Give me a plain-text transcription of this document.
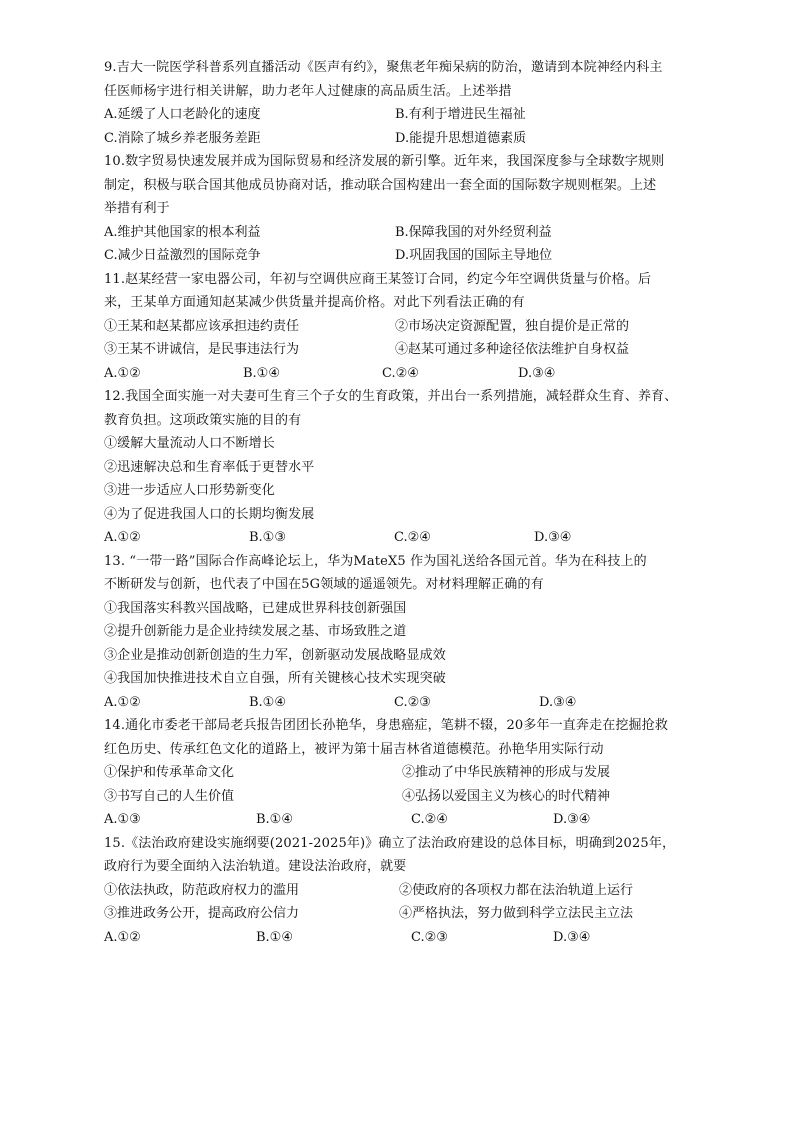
9.吉大一院医学科普系列直播活动《医声有约》，聚焦老年痴呆病的防治，邀请到本院神经内科主
任医师杨宇进行相关讲解，助力老年人过健康的高品质生活。上述举措
A.延缓了人口老龄化的速度	B.有利于增进民生福祉
C.消除了城乡养老服务差距	D.能提升思想道德素质
10.数字贸易快速发展并成为国际贸易和经济发展的新引擎。近年来，我国深度参与全球数字规则
制定，积极与联合国其他成员协商对话，推动联合国构建出一套全面的国际数字规则框架。上述
举措有利于
A.维护其他国家的根本利益	B.保障我国的对外经贸利益
C.减少日益激烈的国际竞争	D.巩固我国的国际主导地位
11.赵某经营一家电器公司，年初与空调供应商王某签订合同，约定今年空调供货量与价格。后
来，王某单方面通知赵某减少供货量并提高价格。对此下列看法正确的有
①王某和赵某都应该承担违约责任	②市场决定资源配置，独自提价是正常的
③王某不讲诚信，是民事违法行为	④赵某可通过多种途径依法维护自身权益
A.①②	B.①④	C.②④	D.③④
12.我国全面实施一对夫妻可生育三个子女的生育政策，并出台一系列措施，减轻群众生育、养育、
教育负担。这项政策实施的目的有
①缓解大量流动人口不断增长
②迅速解决总和生育率低于更替水平
③进一步适应人口形势新变化
④为了促进我国人口的长期均衡发展
A.①②	B.①③	C.②④	D.③④
13. “一带一路”国际合作高峰论坛上，华为MateX5 作为国礼送给各国元首。华为在科技上的
不断研发与创新，也代表了中国在5G领域的遥遥领先。对材料理解正确的有
①我国落实科教兴国战略，已建成世界科技创新强国
②提升创新能力是企业持续发展之基、市场致胜之道
③企业是推动创新创造的生力军，创新驱动发展战略显成效
④我国加快推进技术自立自强，所有关键核心技术实现突破
A.①②	B.①④	C.②③	D.③④
14.通化市委老干部局老兵报告团团长孙艳华，身患癌症，笔耕不辍，20多年一直奔走在挖掘抢救
红色历史、传承红色文化的道路上，被评为第十届吉林省道德模范。孙艳华用实际行动
①保护和传承革命文化	②推动了中华民族精神的形成与发展
③书写自己的人生价值	④弘扬以爱国主义为核心的时代精神
A.①③	B.①④	C.②④	D.③④
15.《法治政府建设实施纲要(2021-2025年)》确立了法治政府建设的总体目标，明确到2025年，
政府行为要全面纳入法治轨道。建设法治政府，就要
①依法执政，防范政府权力的滥用	②使政府的各项权力都在法治轨道上运行
③推进政务公开，提高政府公信力	④严格执法，努力做到科学立法民主立法
A.①②	B.①④	C.②③	D.③④
